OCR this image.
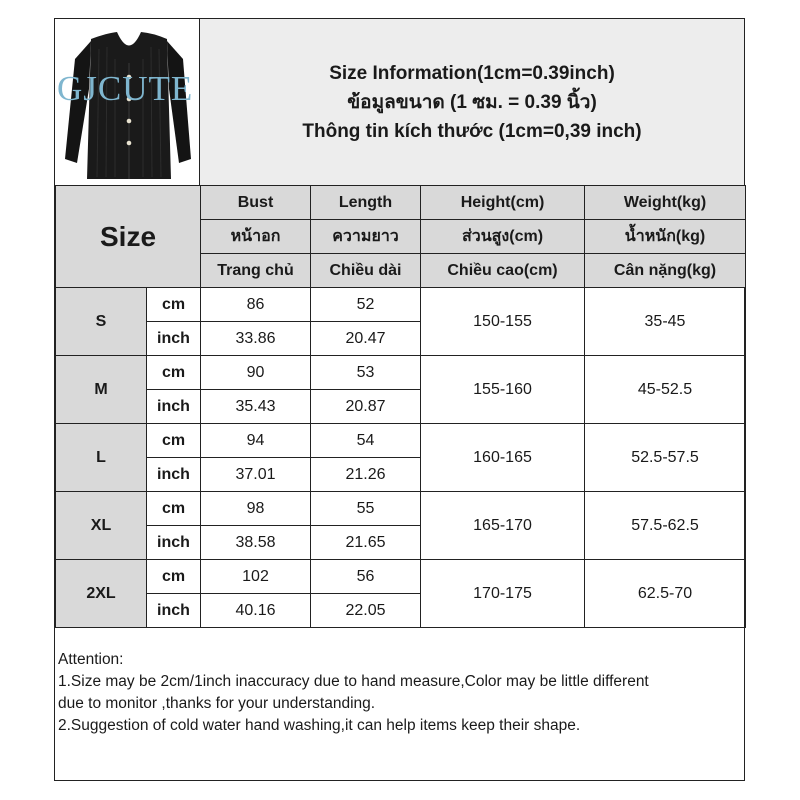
GJCUTE	Size Information(1cm=0.39inch)
ข้อมูลขนาด (1 ซม. = 0.39 นิ้ว)
Thông tin kích thước (1cm=0,39 inch)
Size		Bust	Length	Height(cm)	Weight(kg)
		หน้าอก	ความยาว	ส่วนสูง(cm)	น้ำหนัก(kg)
		Trang chủ	Chiều dài	Chiều cao(cm)	Cân nặng(kg)
S	cm	86	52	150-155	35-45
	inch	33.86	20.47		
M	cm	90	53	155-160	45-52.5
	inch	35.43	20.87		
L	cm	94	54	160-165	52.5-57.5
	inch	37.01	21.26		
XL	cm	98	55	165-170	57.5-62.5
	inch	38.58	21.65		
2XL	cm	102	56	170-175	62.5-70
	inch	40.16	22.05		
Attention:
1.Size may be 2cm/1inch inaccuracy due to hand measure,Color may be little different
due to monitor ,thanks for your understanding.
2.Suggestion of cold water hand washing,it can help items keep their shape.
